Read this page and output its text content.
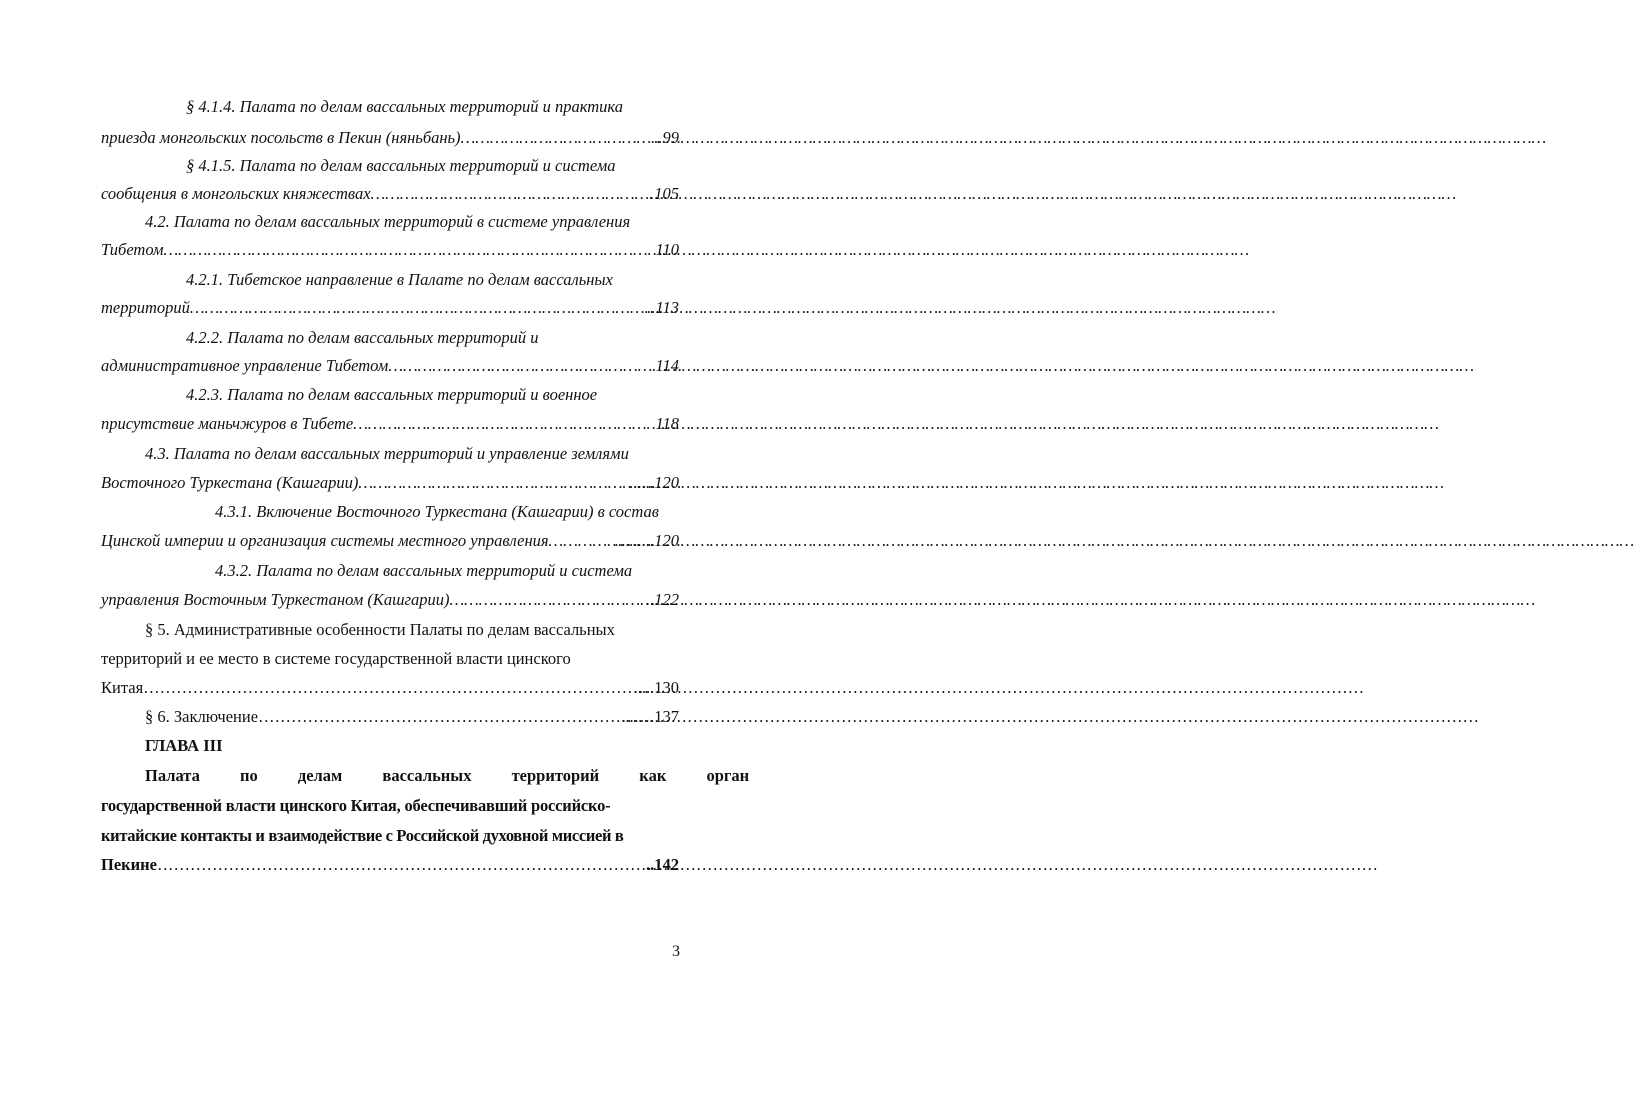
§ 4.1.4. Палата по делам вассальных территорий и практика
приезда монгольских посольств в Пекин (няньбань) ……………………………………………………………………………………………………………………………………………………………………………………………………	..99
§ 4.1.5. Палата по делам вассальных территорий и система
сообщения в монгольских княжествах ……………………………………………………………………………………………………………………………………………………………………………………………………	.105
4.2. Палата по делам вассальных территорий в системе управления
Тибетом ……………………………………………………………………………………………………………………………………………………………………………………………………	110
4.2.1. Тибетское направление в Палате по делам вассальных
территорий ……………………………………………………………………………………………………………………………………………………………………………………………………	..113
4.2.2. Палата по делам вассальных территорий и
административное управление Тибетом ……………………………………………………………………………………………………………………………………………………………………………………………………	114
4.2.3. Палата по делам вассальных территорий и военное
присутствие маньчжуров в Тибете ……………………………………………………………………………………………………………………………………………………………………………………………………	118
4.3. Палата по делам вассальных территорий и управление землями
Восточного Туркестана (Кашгарии) ……………………………………………………………………………………………………………………………………………………………………………………………………	......120
4.3.1. Включение Восточного Туркестана (Кашгарии) в состав
Цинской империи и организация системы местного управления ……………………………………………………………………………………………………………………………………………………………………………………………………	…......120
4.3.2. Палата по делам вассальных территорий и система
управления Восточным Туркестаном (Кашгарии) ……………………………………………………………………………………………………………………………………………………………………………………………………	..122
§ 5. Административные особенности Палаты по делам вассальных
территорий и ее место в системе государственной власти цинского
Китая ……………………………………………………………………………………………………………………………………………………………………………………………………	.....130
§ 6. Заключение ……………………………………………………………………………………………………………………………………………………………………………………………………	...….137
ГЛАВА III
Палата по делам вассальных территорий как орган
государственной власти цинского Китая, обеспечивавший российско-
китайские контакты и взаимодействие с Российской духовной миссией в
Пекине ……………………………………………………………………………………………………………………………………………………………………………………………………	..142
3
